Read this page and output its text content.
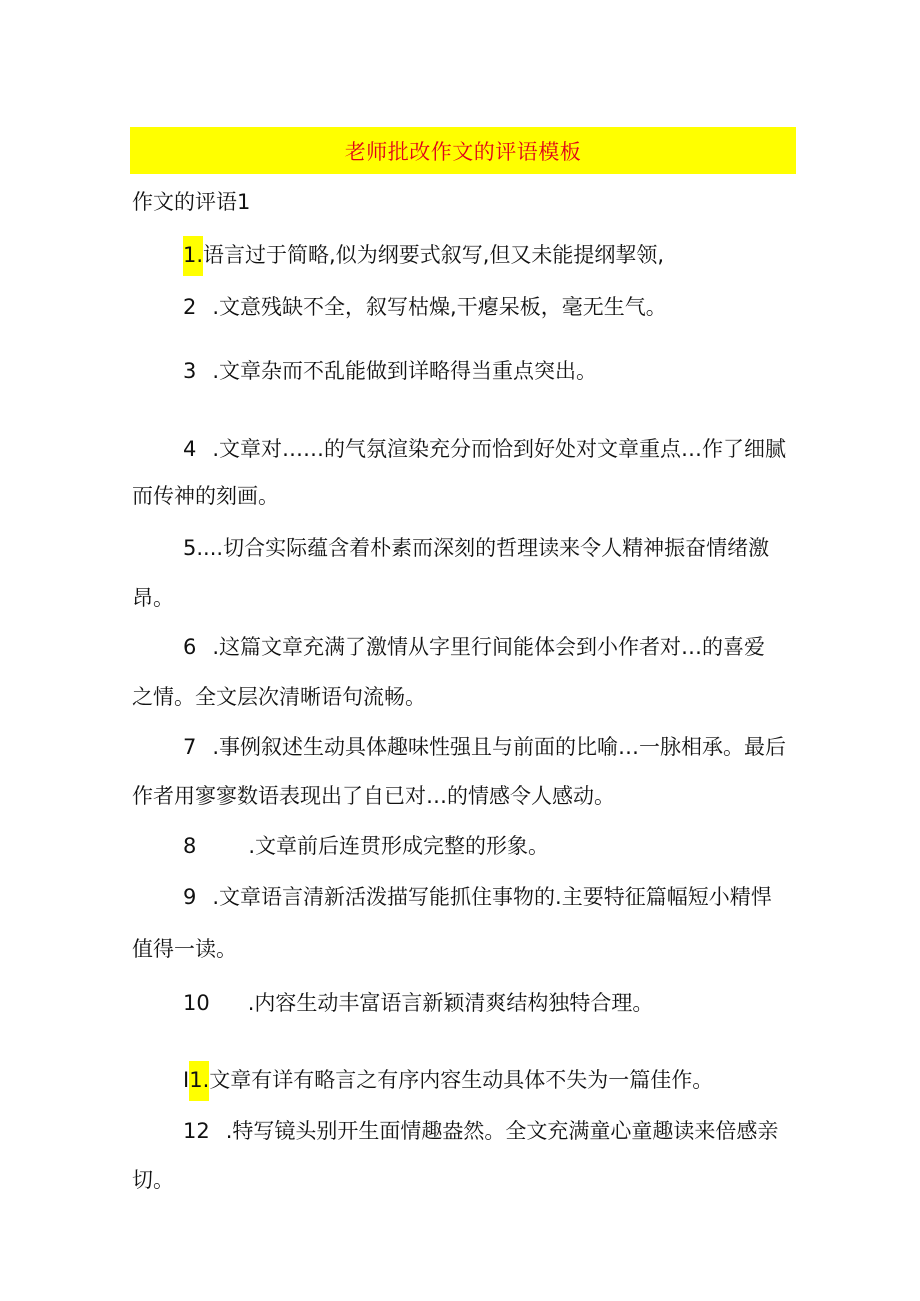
老师批改作文的评语模板
作文的评语1
1.语言过于简略,似为纲要式叙写,但又未能提纲挈领,
2 .文意残缺不全，叙写枯燥,干瘪呆板，毫无生气。
3 .文章杂而不乱能做到详略得当重点突出。
4 .文章对……的气氛渲染充分而恰到好处对文章重点…作了细腻
而传神的刻画。
5....切合实际蕴含着朴素而深刻的哲理读来令人精神振奋情绪激
昂。
6 .这篇文章充满了激情从字里行间能体会到小作者对…的喜爱
之情。全文层次清晰语句流畅。
7 .事例叙述生动具体趣味性强且与前面的比喻…一脉相承。最后
作者用寥寥数语表现出了自已对…的情感令人感动。
8 .文章前后连贯形成完整的形象。
9 .文章语言清新活泼描写能抓住事物的.主要特征篇幅短小精悍
值得一读。
10 .内容生动丰富语言新颖清爽结构独特合理。
I1.文章有详有略言之有序内容生动具体不失为一篇佳作。
12 .特写镜头别开生面情趣盎然。全文充满童心童趣读来倍感亲
切。
